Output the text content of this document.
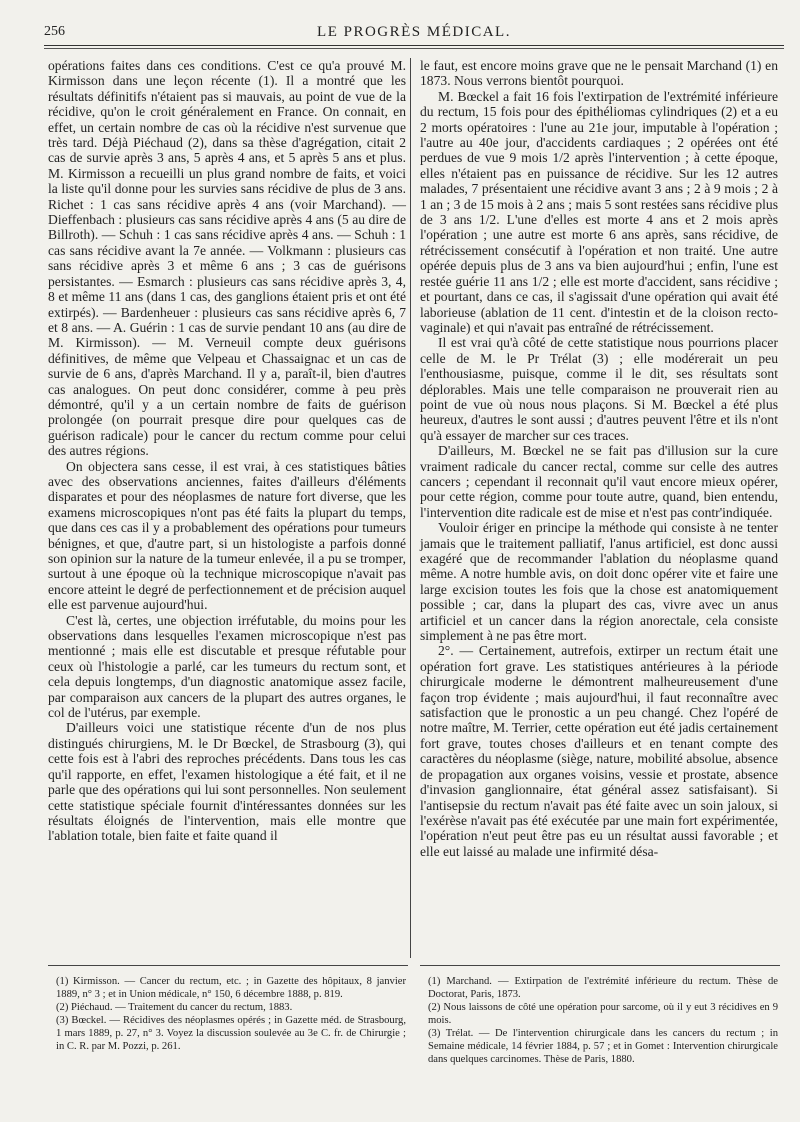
256	LE PROGRÈS MÉDICAL.

opérations faites dans ces conditions. C'est ce qu'a prouvé M. Kirmisson dans une leçon récente (1). Il a montré que les résultats définitifs n'étaient pas si mauvais, au point de vue de la récidive, qu'on le croit généralement en France. On connait, en effet, un certain nombre de cas où la récidive n'est survenue que très tard. Déjà Piéchaud (2), dans sa thèse d'agrégation, citait 2 cas de survie après 3 ans, 5 après 4 ans, et 5 après 5 ans et plus. M. Kirmisson a recueilli un plus grand nombre de faits, et voici la liste qu'il donne pour les survies sans récidive de plus de 3 ans. Richet : 1 cas sans récidive après 4 ans (voir Marchand). — Dieffenbach : plusieurs cas sans récidive après 4 ans (5 au dire de Billroth). — Schuh : 1 cas sans récidive après 4 ans. — Schuh : 1 cas sans récidive avant la 7e année. — Volkmann : plusieurs cas sans récidive après 3 et même 6 ans ; 3 cas de guérisons persistantes. — Esmarch : plusieurs cas sans récidive après 3, 4, 8 et même 11 ans (dans 1 cas, des ganglions étaient pris et ont été extirpés). — Bardenheuer : plusieurs cas sans récidive après 6, 7 et 8 ans. — A. Guérin : 1 cas de survie pendant 10 ans (au dire de M. Kirmisson). — M. Verneuil compte deux guérisons définitives, de même que Velpeau et Chassaignac et un cas de survie de 6 ans, d'après Marchand. Il y a, paraît-il, bien d'autres cas analogues. On peut donc considérer, comme à peu près démontré, qu'il y a un certain nombre de faits de guérison prolongée (on pourrait presque dire pour quelques cas de guérison radicale) pour le cancer du rectum comme pour celui des autres régions.

On objectera sans cesse, il est vrai, à ces statistiques bâties avec des observations anciennes, faites d'ailleurs d'éléments disparates et pour des néoplasmes de nature fort diverse, que les examens microscopiques n'ont pas été faits la plupart du temps, que dans ces cas il y a probablement des opérations pour tumeurs bénignes, et que, d'autre part, si un histologiste a parfois donné son opinion sur la nature de la tumeur enlevée, il a pu se tromper, surtout à une époque où la technique microscopique n'avait pas encore atteint le degré de perfectionnement et de précision auquel elle est parvenue aujourd'hui.

C'est là, certes, une objection irréfutable, du moins pour les observations dans lesquelles l'examen microscopique n'est pas mentionné ; mais elle est discutable et presque réfutable pour ceux où l'histologie a parlé, car les tumeurs du rectum sont, et cela depuis longtemps, d'un diagnostic anatomique assez facile, par comparaison aux cancers de la plupart des autres organes, le col de l'utérus, par exemple.

D'ailleurs voici une statistique récente d'un de nos plus distingués chirurgiens, M. le Dr Bœckel, de Strasbourg (3), qui cette fois est à l'abri des reproches précédents. Dans tous les cas qu'il rapporte, en effet, l'examen histologique a été fait, et il ne parle que des opérations qui lui sont personnelles. Non seulement cette statistique spéciale fournit d'intéressantes données sur les résultats éloignés de l'intervention, mais elle montre que l'ablation totale, bien faite et faite quand il

le faut, est encore moins grave que ne le pensait Marchand (1) en 1873. Nous verrons bientôt pourquoi.

M. Bœckel a fait 16 fois l'extirpation de l'extrémité inférieure du rectum, 15 fois pour des épithéliomas cylindriques (2) et a eu 2 morts opératoires : l'une au 21e jour, imputable à l'opération ; l'autre au 40e jour, d'accidents cardiaques ; 2 opérées ont été perdues de vue 9 mois 1/2 après l'intervention ; à cette époque, elles n'étaient pas en puissance de récidive. Sur les 12 autres malades, 7 présentaient une récidive avant 3 ans ; 2 à 9 mois ; 2 à 1 an ; 3 de 15 mois à 2 ans ; mais 5 sont restées sans récidive plus de 3 ans 1/2. L'une d'elles est morte 4 ans et 2 mois après l'opération ; une autre est morte 6 ans après, sans récidive, de rétrécissement consécutif à l'opération et non traité. Une autre opérée depuis plus de 3 ans va bien aujourd'hui ; enfin, l'une est restée guérie 11 ans 1/2 ; elle est morte d'accident, sans récidive ; et pourtant, dans ce cas, il s'agissait d'une opération qui avait été laborieuse (ablation de 11 cent. d'intestin et de la cloison recto-vaginale) et qui n'avait pas entraîné de rétrécissement.

Il est vrai qu'à côté de cette statistique nous pourrions placer celle de M. le Pr Trélat (3) ; elle modérerait un peu l'enthousiasme, puisque, comme il le dit, ses résultats sont déplorables. Mais une telle comparaison ne prouverait rien au point de vue où nous nous plaçons. Si M. Bœckel a été plus heureux, d'autres le sont aussi ; d'autres peuvent l'être et ils n'ont qu'à essayer de marcher sur ces traces.

D'ailleurs, M. Bœckel ne se fait pas d'illusion sur la cure vraiment radicale du cancer rectal, comme sur celle des autres cancers ; cependant il reconnait qu'il vaut encore mieux opérer, pour cette région, comme pour toute autre, quand, bien entendu, l'intervention dite radicale est de mise et n'est pas contr'indiquée.

Vouloir ériger en principe la méthode qui consiste à ne tenter jamais que le traitement palliatif, l'anus artificiel, est donc aussi exagéré que de recommander l'ablation du néoplasme quand même. A notre humble avis, on doit donc opérer vite et faire une large excision toutes les fois que la chose est anatomiquement possible ; car, dans la plupart des cas, vivre avec un anus artificiel et un cancer dans la région anorectale, cela consiste simplement à ne pas être mort.

2°. — Certainement, autrefois, extirper un rectum était une opération fort grave. Les statistiques antérieures à la période chirurgicale moderne le démontrent malheureusement d'une façon trop évidente ; mais aujourd'hui, il faut reconnaître avec satisfaction que le pronostic a un peu changé. Chez l'opéré de notre maître, M. Terrier, cette opération eut été jadis certainement fort grave, toutes choses d'ailleurs et en tenant compte des caractères du néoplasme (siège, nature, mobilité absolue, absence de propagation aux organes voisins, vessie et prostate, absence d'invasion ganglionnaire, état général assez satisfaisant). Si l'antisepsie du rectum n'avait pas été faite avec un soin jaloux, si l'exérèse n'avait pas été exécutée par une main fort expérimentée, l'opération n'eut peut être pas eu un résultat aussi favorable ; et elle eut laissé au malade une infirmité désa-

(1) Kirmisson. — Cancer du rectum, etc. ; in Gazette des hôpitaux, 8 janvier 1889, n° 3 ; et in Union médicale, n° 150, 6 décembre 1888, p. 819.

(2) Piéchaud. — Traitement du cancer du rectum, 1883.

(3) Bœckel. — Récidives des néoplasmes opérés ; in Gazette méd. de Strasbourg, 1 mars 1889, p. 27, n° 3. Voyez la discussion soulevée au 3e C. fr. de Chirurgie ; in C. R. par M. Pozzi, p. 261.

(1) Marchand. — Extirpation de l'extrémité inférieure du rectum. Thèse de Doctorat, Paris, 1873.

(2) Nous laissons de côté une opération pour sarcome, où il y eut 3 récidives en 9 mois.

(3) Trélat. — De l'intervention chirurgicale dans les cancers du rectum ; in Semaine médicale, 14 février 1884, p. 57 ; et in Gomet : Intervention chirurgicale dans quelques carcinomes. Thèse de Paris, 1880.
